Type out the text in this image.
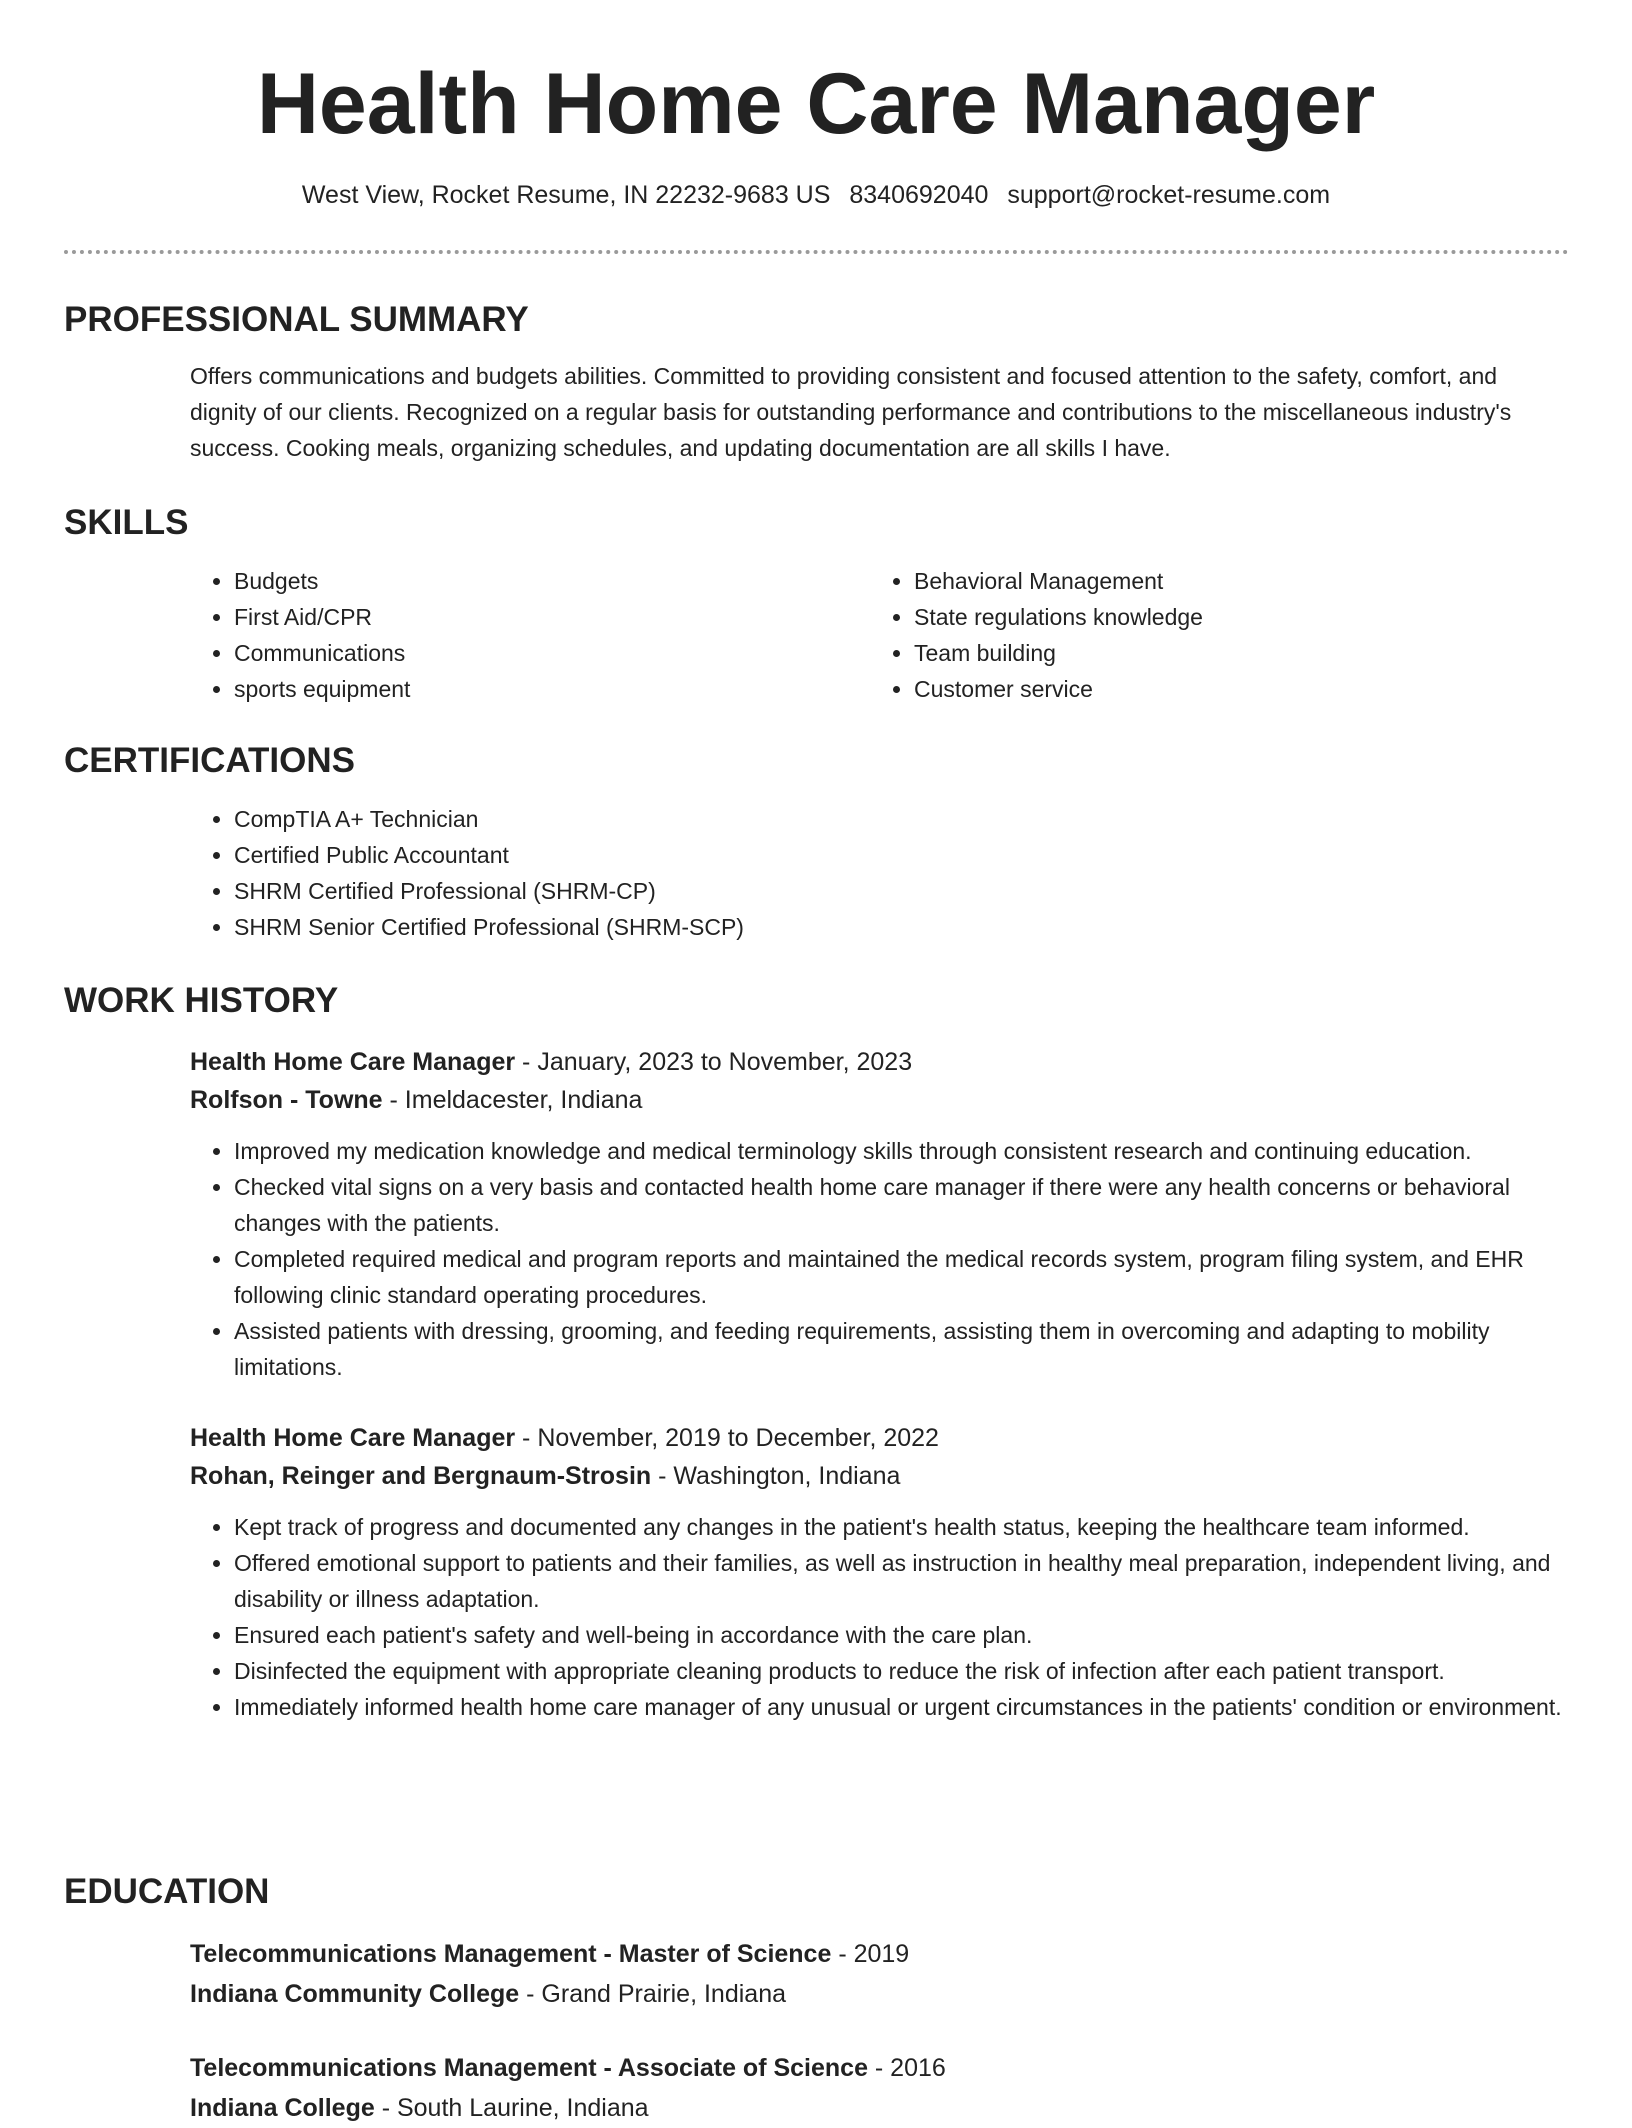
Health Home Care Manager
West View, Rocket Resume, IN 22232-9683 US 8340692040 support@rocket-resume.com
PROFESSIONAL SUMMARY

Offers communications and budgets abilities. Committed to providing consistent and focused attention to the safety, comfort, and dignity of our clients. Recognized on a regular basis for outstanding performance and contributions to the miscellaneous industry's success. Cooking meals, organizing schedules, and updating documentation are all skills I have.

SKILLS
• Budgets
• First Aid/CPR
• Communications
• sports equipment
• Behavioral Management
• State regulations knowledge
• Team building
• Customer service
CERTIFICATIONS
• CompTIA A+ Technician
• Certified Public Accountant
• SHRM Certified Professional (SHRM-CP)
• SHRM Senior Certified Professional (SHRM-SCP)
WORK HISTORY
Health Home Care Manager - January, 2023 to November, 2023
Rolfson - Towne - Imeldacester, Indiana
• Improved my medication knowledge and medical terminology skills through consistent research and continuing education.
• Checked vital signs on a very basis and contacted health home care manager if there were any health concerns or behavioral changes with the patients.
• Completed required medical and program reports and maintained the medical records system, program filing system, and EHR following clinic standard operating procedures.
• Assisted patients with dressing, grooming, and feeding requirements, assisting them in overcoming and adapting to mobility limitations.
Health Home Care Manager - November, 2019 to December, 2022
Rohan, Reinger and Bergnaum-Strosin - Washington, Indiana
• Kept track of progress and documented any changes in the patient's health status, keeping the healthcare team informed.
• Offered emotional support to patients and their families, as well as instruction in healthy meal preparation, independent living, and disability or illness adaptation.
• Ensured each patient's safety and well-being in accordance with the care plan.
• Disinfected the equipment with appropriate cleaning products to reduce the risk of infection after each patient transport.
• Immediately informed health home care manager of any unusual or urgent circumstances in the patients' condition or environment.
EDUCATION
Telecommunications Management - Master of Science - 2019
Indiana Community College - Grand Prairie, Indiana
Telecommunications Management - Associate of Science - 2016
Indiana College - South Laurine, Indiana
